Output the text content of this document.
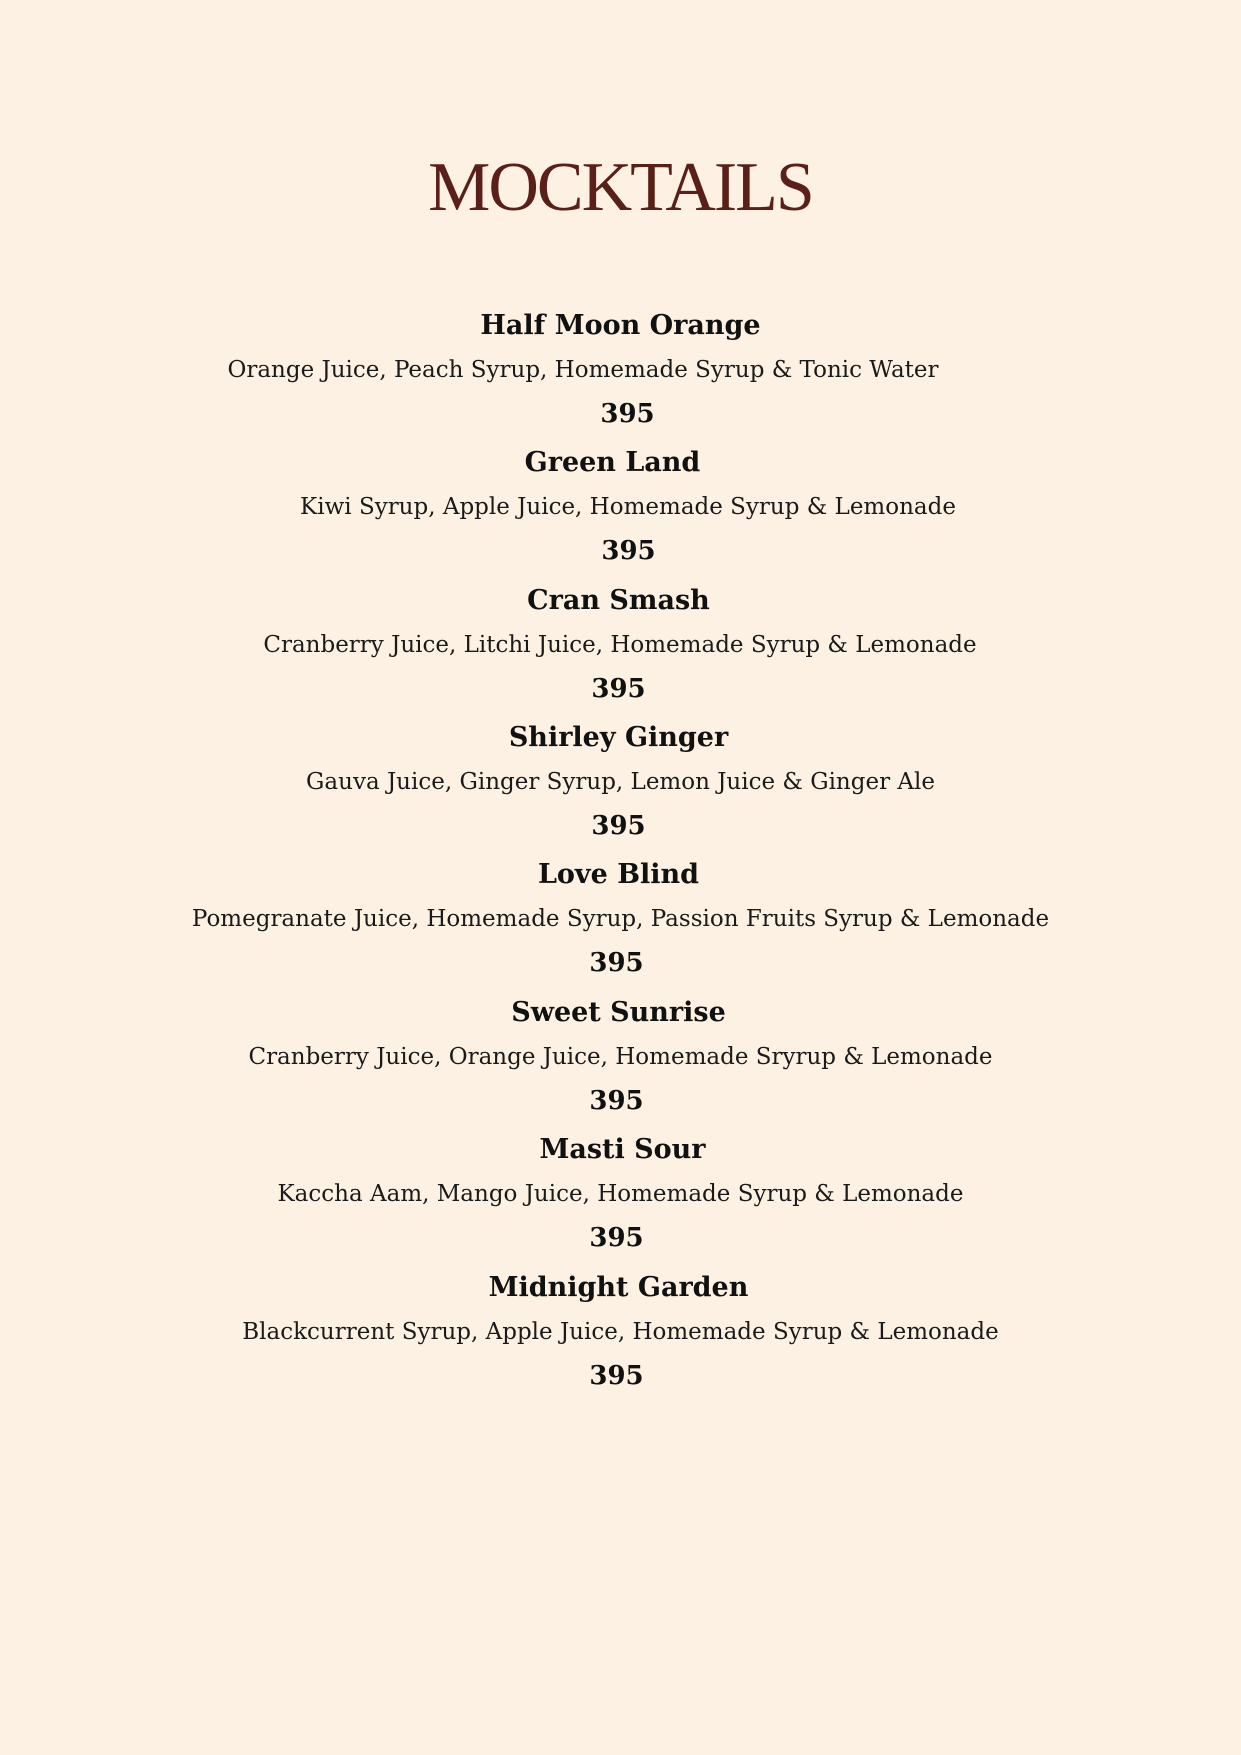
MOCKTAILS
Half Moon Orange
Orange Juice, Peach Syrup, Homemade Syrup & Tonic Water
395
Green Land
Kiwi Syrup, Apple Juice, Homemade Syrup & Lemonade
395
Cran Smash
Cranberry Juice, Litchi Juice, Homemade Syrup & Lemonade
395
Shirley Ginger
Gauva Juice, Ginger Syrup, Lemon Juice & Ginger Ale
395
Love Blind
Pomegranate Juice, Homemade Syrup, Passion Fruits Syrup & Lemonade
395
Sweet Sunrise
Cranberry Juice, Orange Juice, Homemade Sryrup & Lemonade
395
Masti Sour
Kaccha Aam, Mango Juice, Homemade Syrup & Lemonade
395
Midnight Garden
Blackcurrent Syrup, Apple Juice, Homemade Syrup & Lemonade
395
